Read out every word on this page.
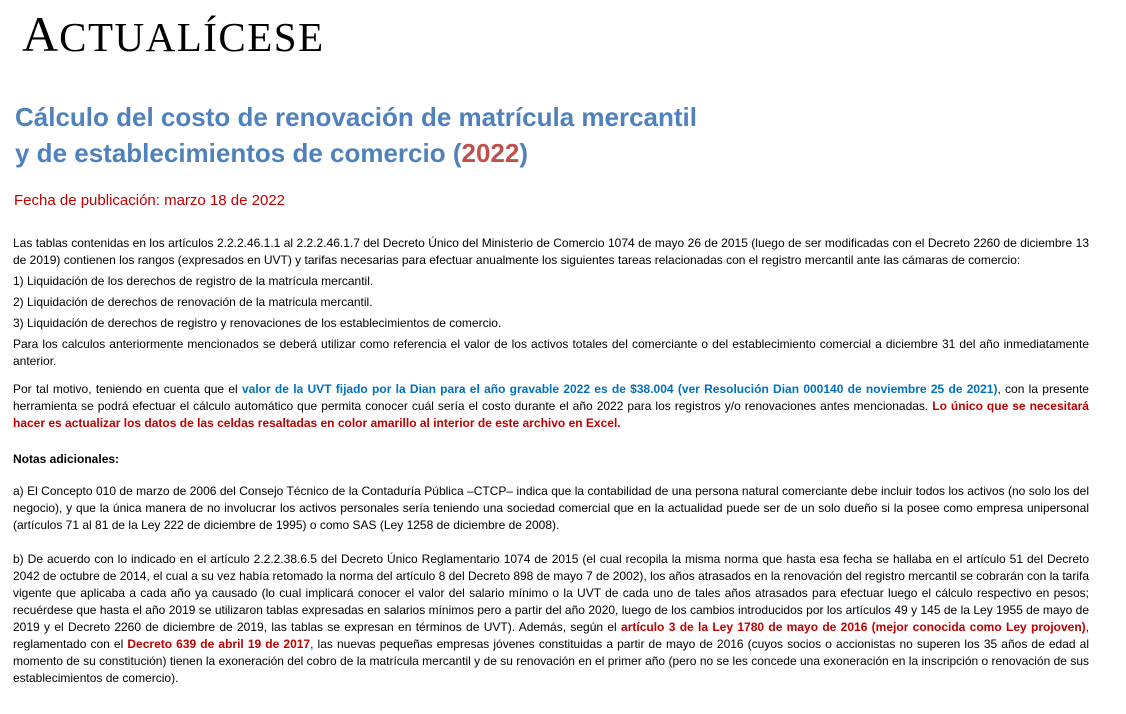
ACTUALÍCESE
Cálculo del costo de renovación de matrícula mercantil
y de establecimientos de comercio (2022)
Fecha de publicación: marzo 18 de 2022

Las tablas contenidas en los artículos 2.2.2.46.1.1 al 2.2.2.46.1.7 del Decreto Único del Ministerio de Comercio 1074 de mayo 26 de 2015 (luego de ser modificadas con el Decreto 2260 de diciembre 13 de 2019) contienen los rangos (expresados en UVT) y tarifas necesarias para efectuar anualmente los siguientes tareas relacionadas con el registro mercantil ante las cámaras de comercio:

1) Liquidación de los derechos de registro de la matrícula mercantil.

2) Liquidación de derechos de renovación de la matricula mercantil.

3) Liquidación de derechos de registro y renovaciones de los establecimientos de comercio.

Para los calculos anteriormente mencionados se deberá utilizar como referencia el valor de los activos totales del comerciante o del establecimiento comercial a diciembre 31 del año inmediatamente anterior.

Por tal motivo, teniendo en cuenta que el valor de la UVT fijado por la Dian para el año gravable 2022 es de $38.004 (ver Resolución Dian 000140 de noviembre 25 de 2021), con la presente herramienta se podrá efectuar el cálculo automático que permita conocer cuál sería el costo durante el año 2022 para los registros y/o renovaciones antes mencionadas. Lo único que se necesitará hacer es actualizar los datos de las celdas resaltadas en color amarillo al interior de este archivo en Excel.

Notas adicionales:

a) El Concepto 010 de marzo de 2006 del Consejo Técnico de la Contaduría Pública –CTCP– indica que la contabilidad de una persona natural comerciante debe incluir todos los activos (no solo los del negocio), y que la única manera de no involucrar los activos personales sería teniendo una sociedad comercial que en la actualidad puede ser de un solo dueño si la posee como empresa unipersonal (artículos 71 al 81 de la Ley 222 de diciembre de 1995) o como SAS (Ley 1258 de diciembre de 2008).

b) De acuerdo con lo indicado en el artículo 2.2.2.38.6.5 del Decreto Único Reglamentario 1074 de 2015 (el cual recopila la misma norma que hasta esa fecha se hallaba en el artículo 51 del Decreto 2042 de octubre de 2014, el cual a su vez había retomado la norma del artículo 8 del Decreto 898 de mayo 7 de 2002), los años atrasados en la renovación del registro mercantil se cobrarán con la tarifa vigente que aplicaba a cada año ya causado (lo cual implicará conocer el valor del salario mínimo o la UVT de cada uno de tales años atrasados para efectuar luego el cálculo respectivo en pesos; recuérdese que hasta el año 2019 se utilizaron tablas expresadas en salarios mínimos pero a partir del año 2020, luego de los cambios introducidos por los artículos 49 y 145 de la Ley 1955 de mayo de 2019 y el Decreto 2260 de diciembre de 2019, las tablas se expresan en términos de UVT). Además, según el artículo 3 de la Ley 1780 de mayo de 2016 (mejor conocida como Ley projoven), reglamentado con el Decreto 639 de abril 19 de 2017, las nuevas pequeñas empresas jóvenes constituidas a partir de mayo de 2016 (cuyos socios o accionistas no superen los 35 años de edad al momento de su constitución) tienen la exoneración del cobro de la matrícula mercantil y de su renovación en el primer año (pero no se les concede una exoneración en la inscripción o renovación de sus establecimientos de comercio).
